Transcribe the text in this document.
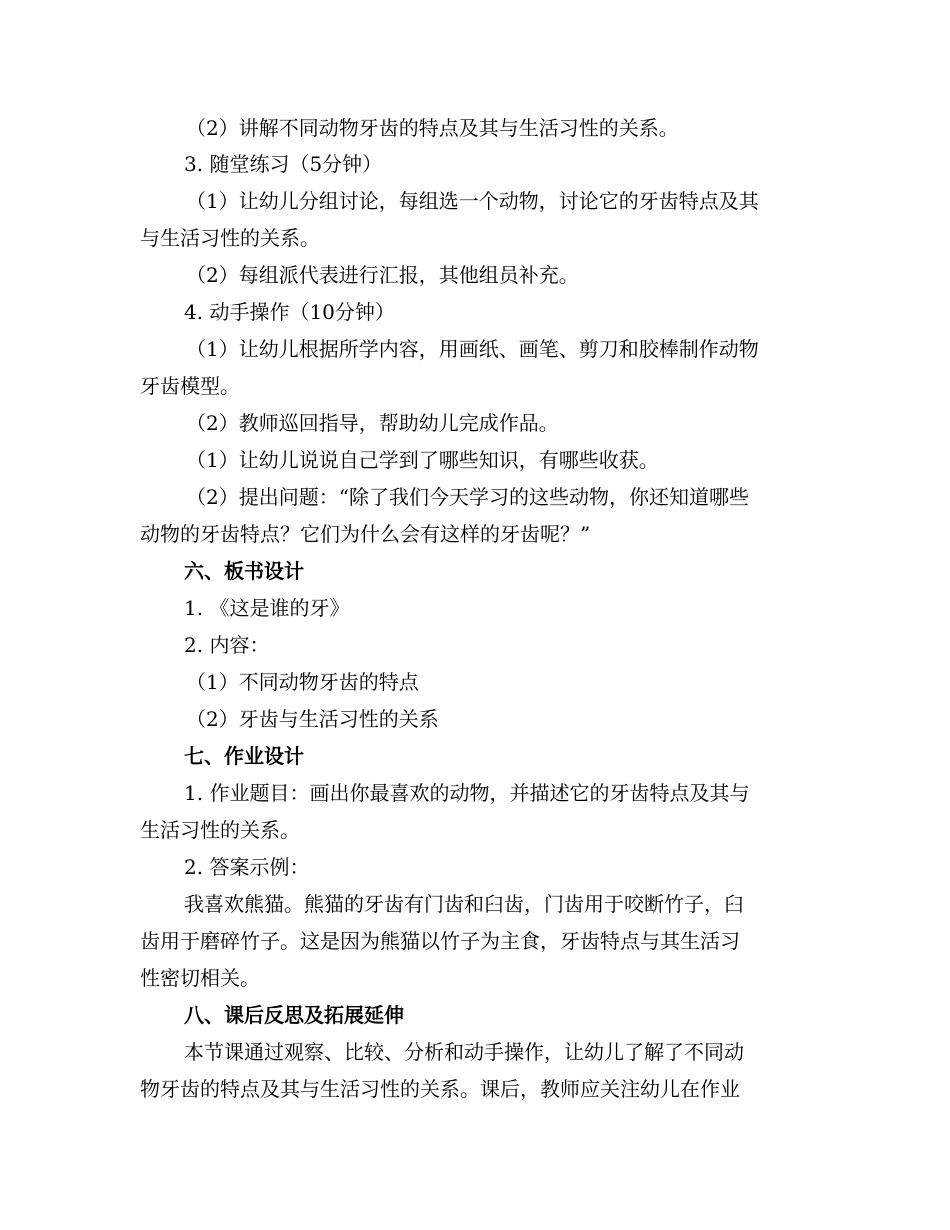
（2）讲解不同动物牙齿的特点及其与生活习性的关系。
3. 随堂练习（5分钟）
（1）让幼儿分组讨论，每组选一个动物，讨论它的牙齿特点及其
与生活习性的关系。
（2）每组派代表进行汇报，其他组员补充。
4. 动手操作（10分钟）
（1）让幼儿根据所学内容，用画纸、画笔、剪刀和胶棒制作动物
牙齿模型。
（2）教师巡回指导，帮助幼儿完成作品。
（1）让幼儿说说自己学到了哪些知识，有哪些收获。
（2）提出问题：“除了我们今天学习的这些动物，你还知道哪些
动物的牙齿特点？它们为什么会有这样的牙齿呢？”
六、板书设计
1. 《这是谁的牙》
2. 内容：
（1）不同动物牙齿的特点
（2）牙齿与生活习性的关系
七、作业设计
1. 作业题目：画出你最喜欢的动物，并描述它的牙齿特点及其与
生活习性的关系。
2. 答案示例：
我喜欢熊猫。熊猫的牙齿有门齿和臼齿，门齿用于咬断竹子，臼
齿用于磨碎竹子。这是因为熊猫以竹子为主食，牙齿特点与其生活习
性密切相关。
八、课后反思及拓展延伸
本节课通过观察、比较、分析和动手操作，让幼儿了解了不同动
物牙齿的特点及其与生活习性的关系。课后，教师应关注幼儿在作业
